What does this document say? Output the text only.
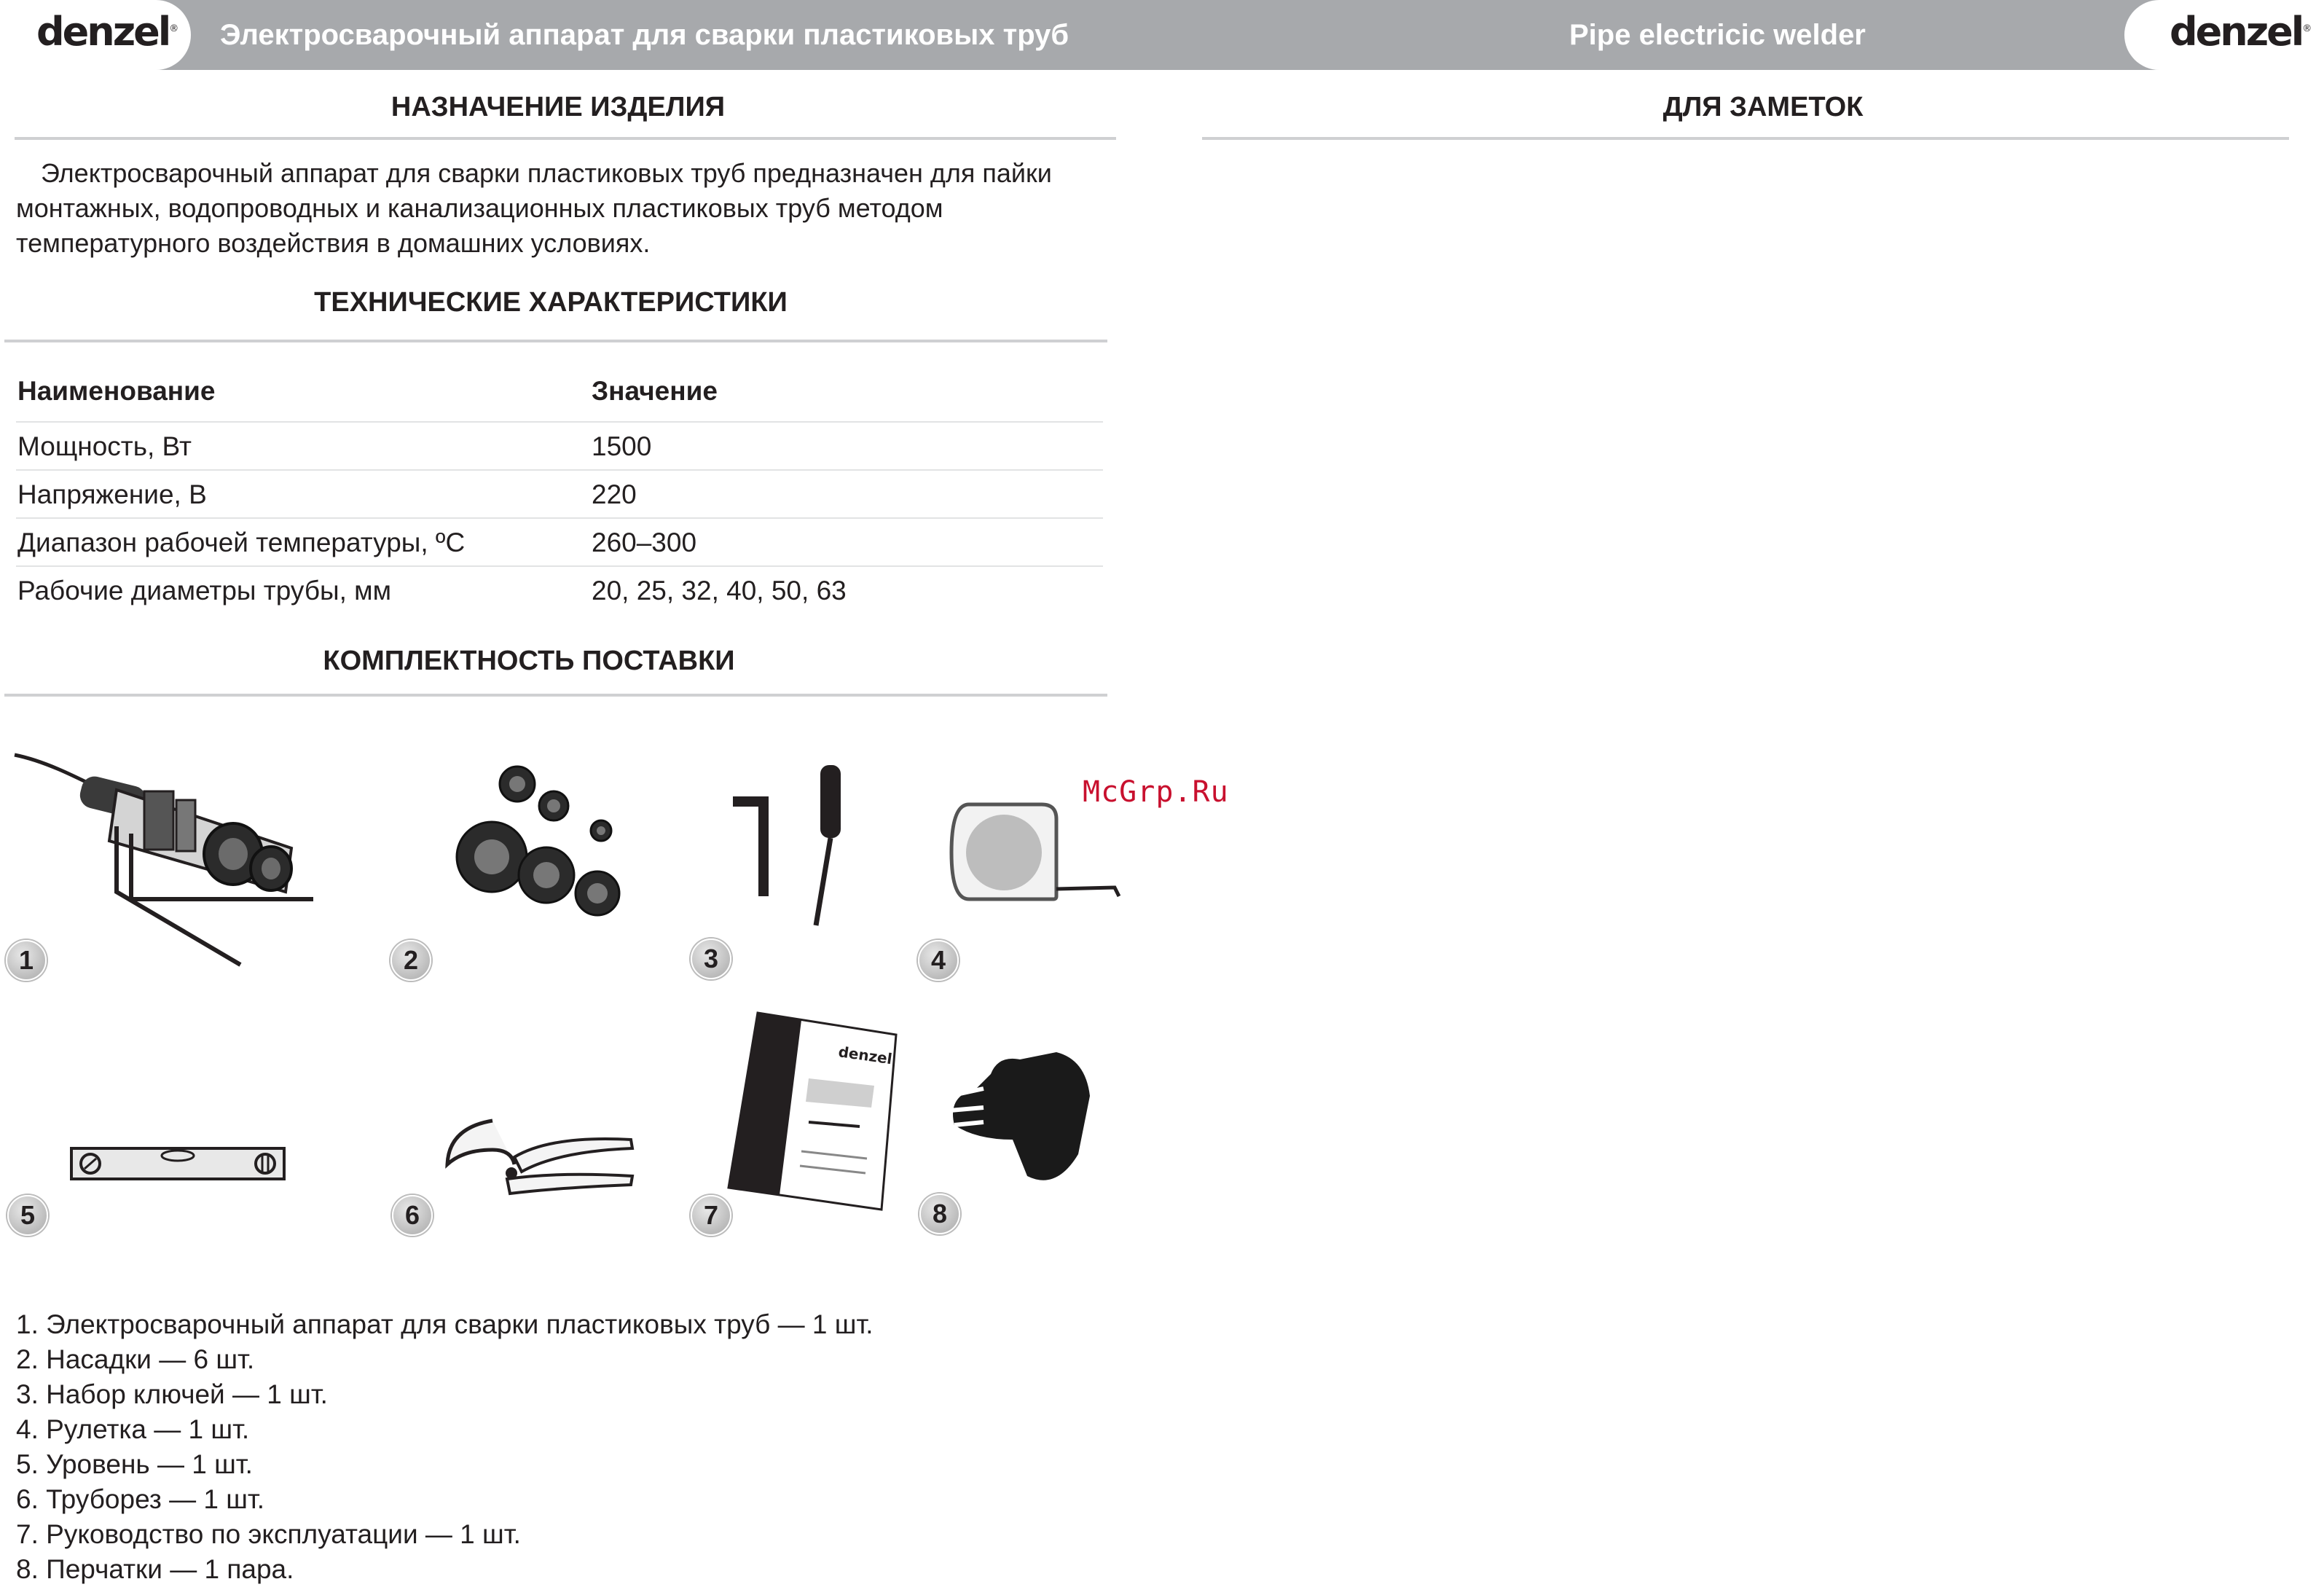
denzel® Электросварочный аппарат для сварки пластиковых труб	Pipe electricic welder	denzel®
НАЗНАЧЕНИЕ ИЗДЕЛИЯ

Электросварочный аппарат для сварки пластиковых труб предназначен для пайки

монтажных, водопроводных и канализационных пластиковых труб методом

температурного воздействия в домашних условиях.

ТЕХНИЧЕСКИЕ ХАРАКТЕРИСТИКИ
Наименование	Значение
Мощность, Вт	1500
Напряжение, В	220
Диапазон рабочей температуры, ºС	260–300
Рабочие диаметры трубы, мм	20, 25, 32, 40, 50, 63
КОМПЛЕКТНОСТЬ ПОСТАВКИ
1	2	3	4
McGrp.Ru
5	6
denzel
7	8
1. Электросварочный аппарат для сварки пластиковых труб — 1 шт.
2. Насадки — 6 шт.
3. Набор ключей — 1 шт.
4. Рулетка — 1 шт.
5. Уровень — 1 шт.
6. Труборез — 1 шт.
7. Руководство по эксплуатации — 1 шт.
8. Перчатки — 1 пара.
ДЛЯ ЗАМЕТОК
